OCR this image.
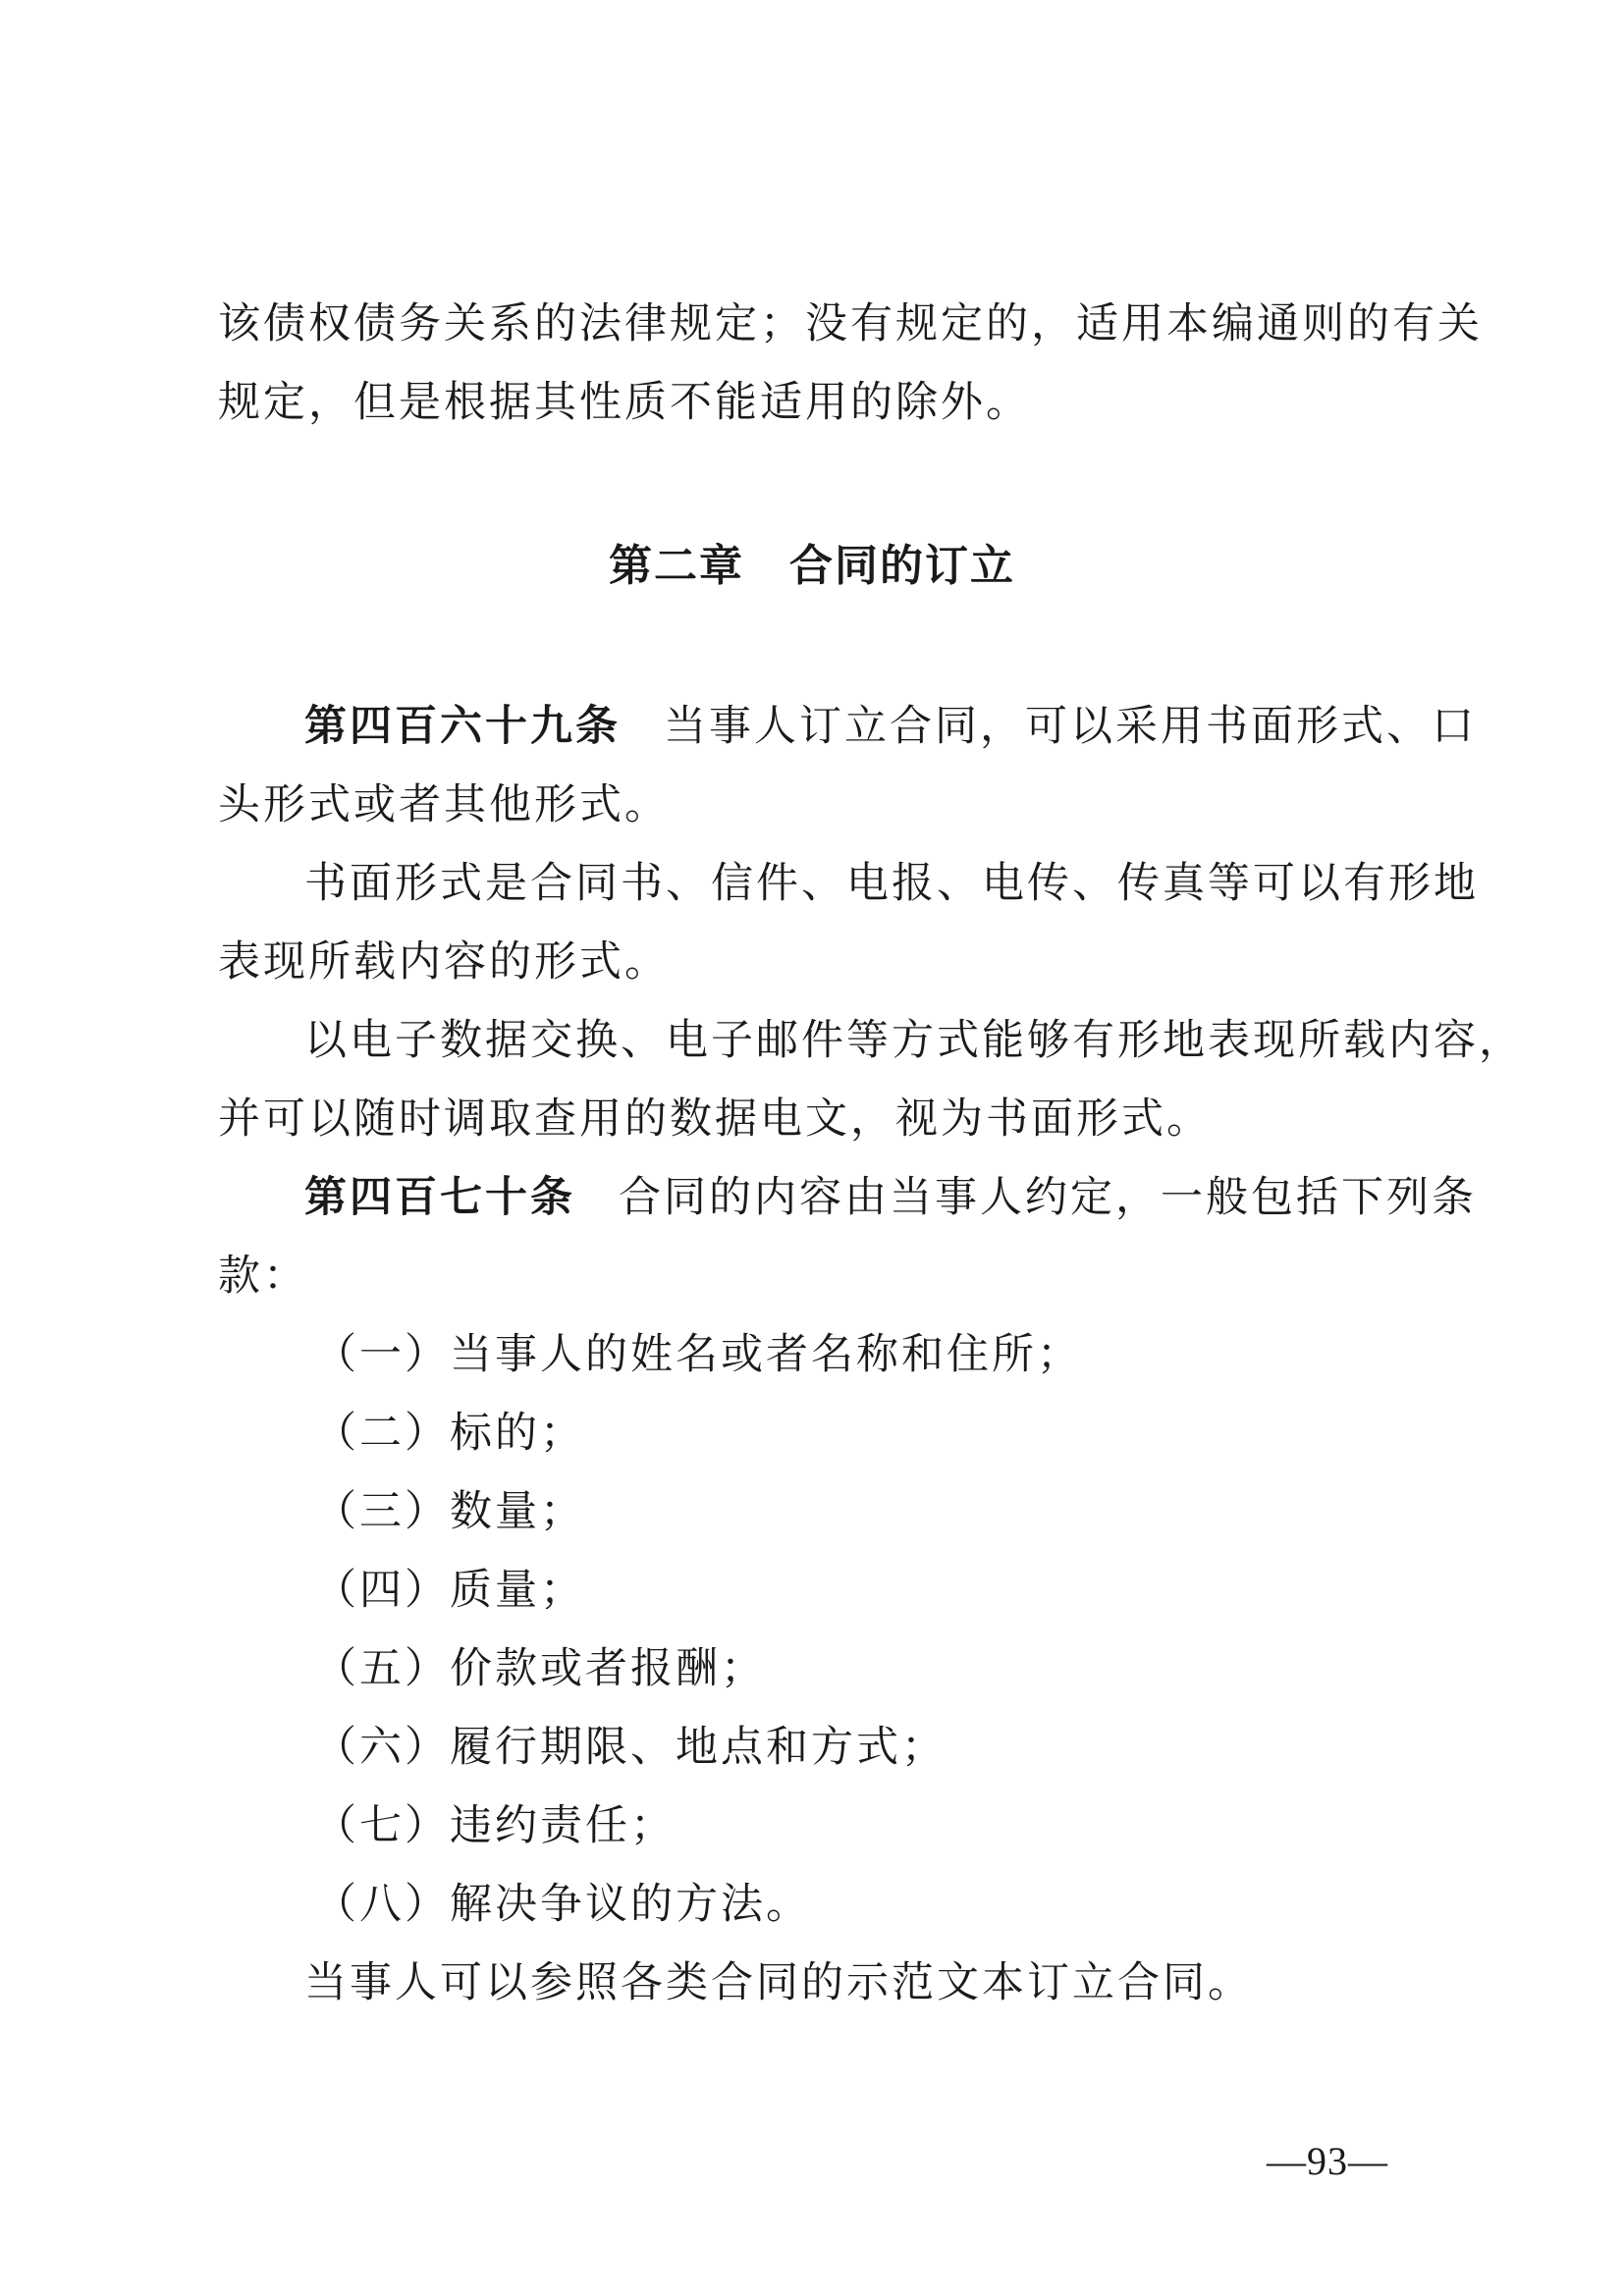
该债权债务关系的法律规定；没有规定的，适用本编通则的有关
规定，但是根据其性质不能适用的除外。
第二章　合同的订立
第四百六十九条 当事人订立合同，可以采用书面形式、口
头形式或者其他形式。
书面形式是合同书、信件、电报、电传、传真等可以有形地
表现所载内容的形式。
以电子数据交换、电子邮件等方式能够有形地表现所载内容，
并可以随时调取查用的数据电文，视为书面形式。
第四百七十条 合同的内容由当事人约定，一般包括下列条
款：
（一）当事人的姓名或者名称和住所；
（二）标的；
（三）数量；
（四）质量；
（五）价款或者报酬；
（六）履行期限、地点和方式；
（七）违约责任；
（八）解决争议的方法。
当事人可以参照各类合同的示范文本订立合同。
—93—
